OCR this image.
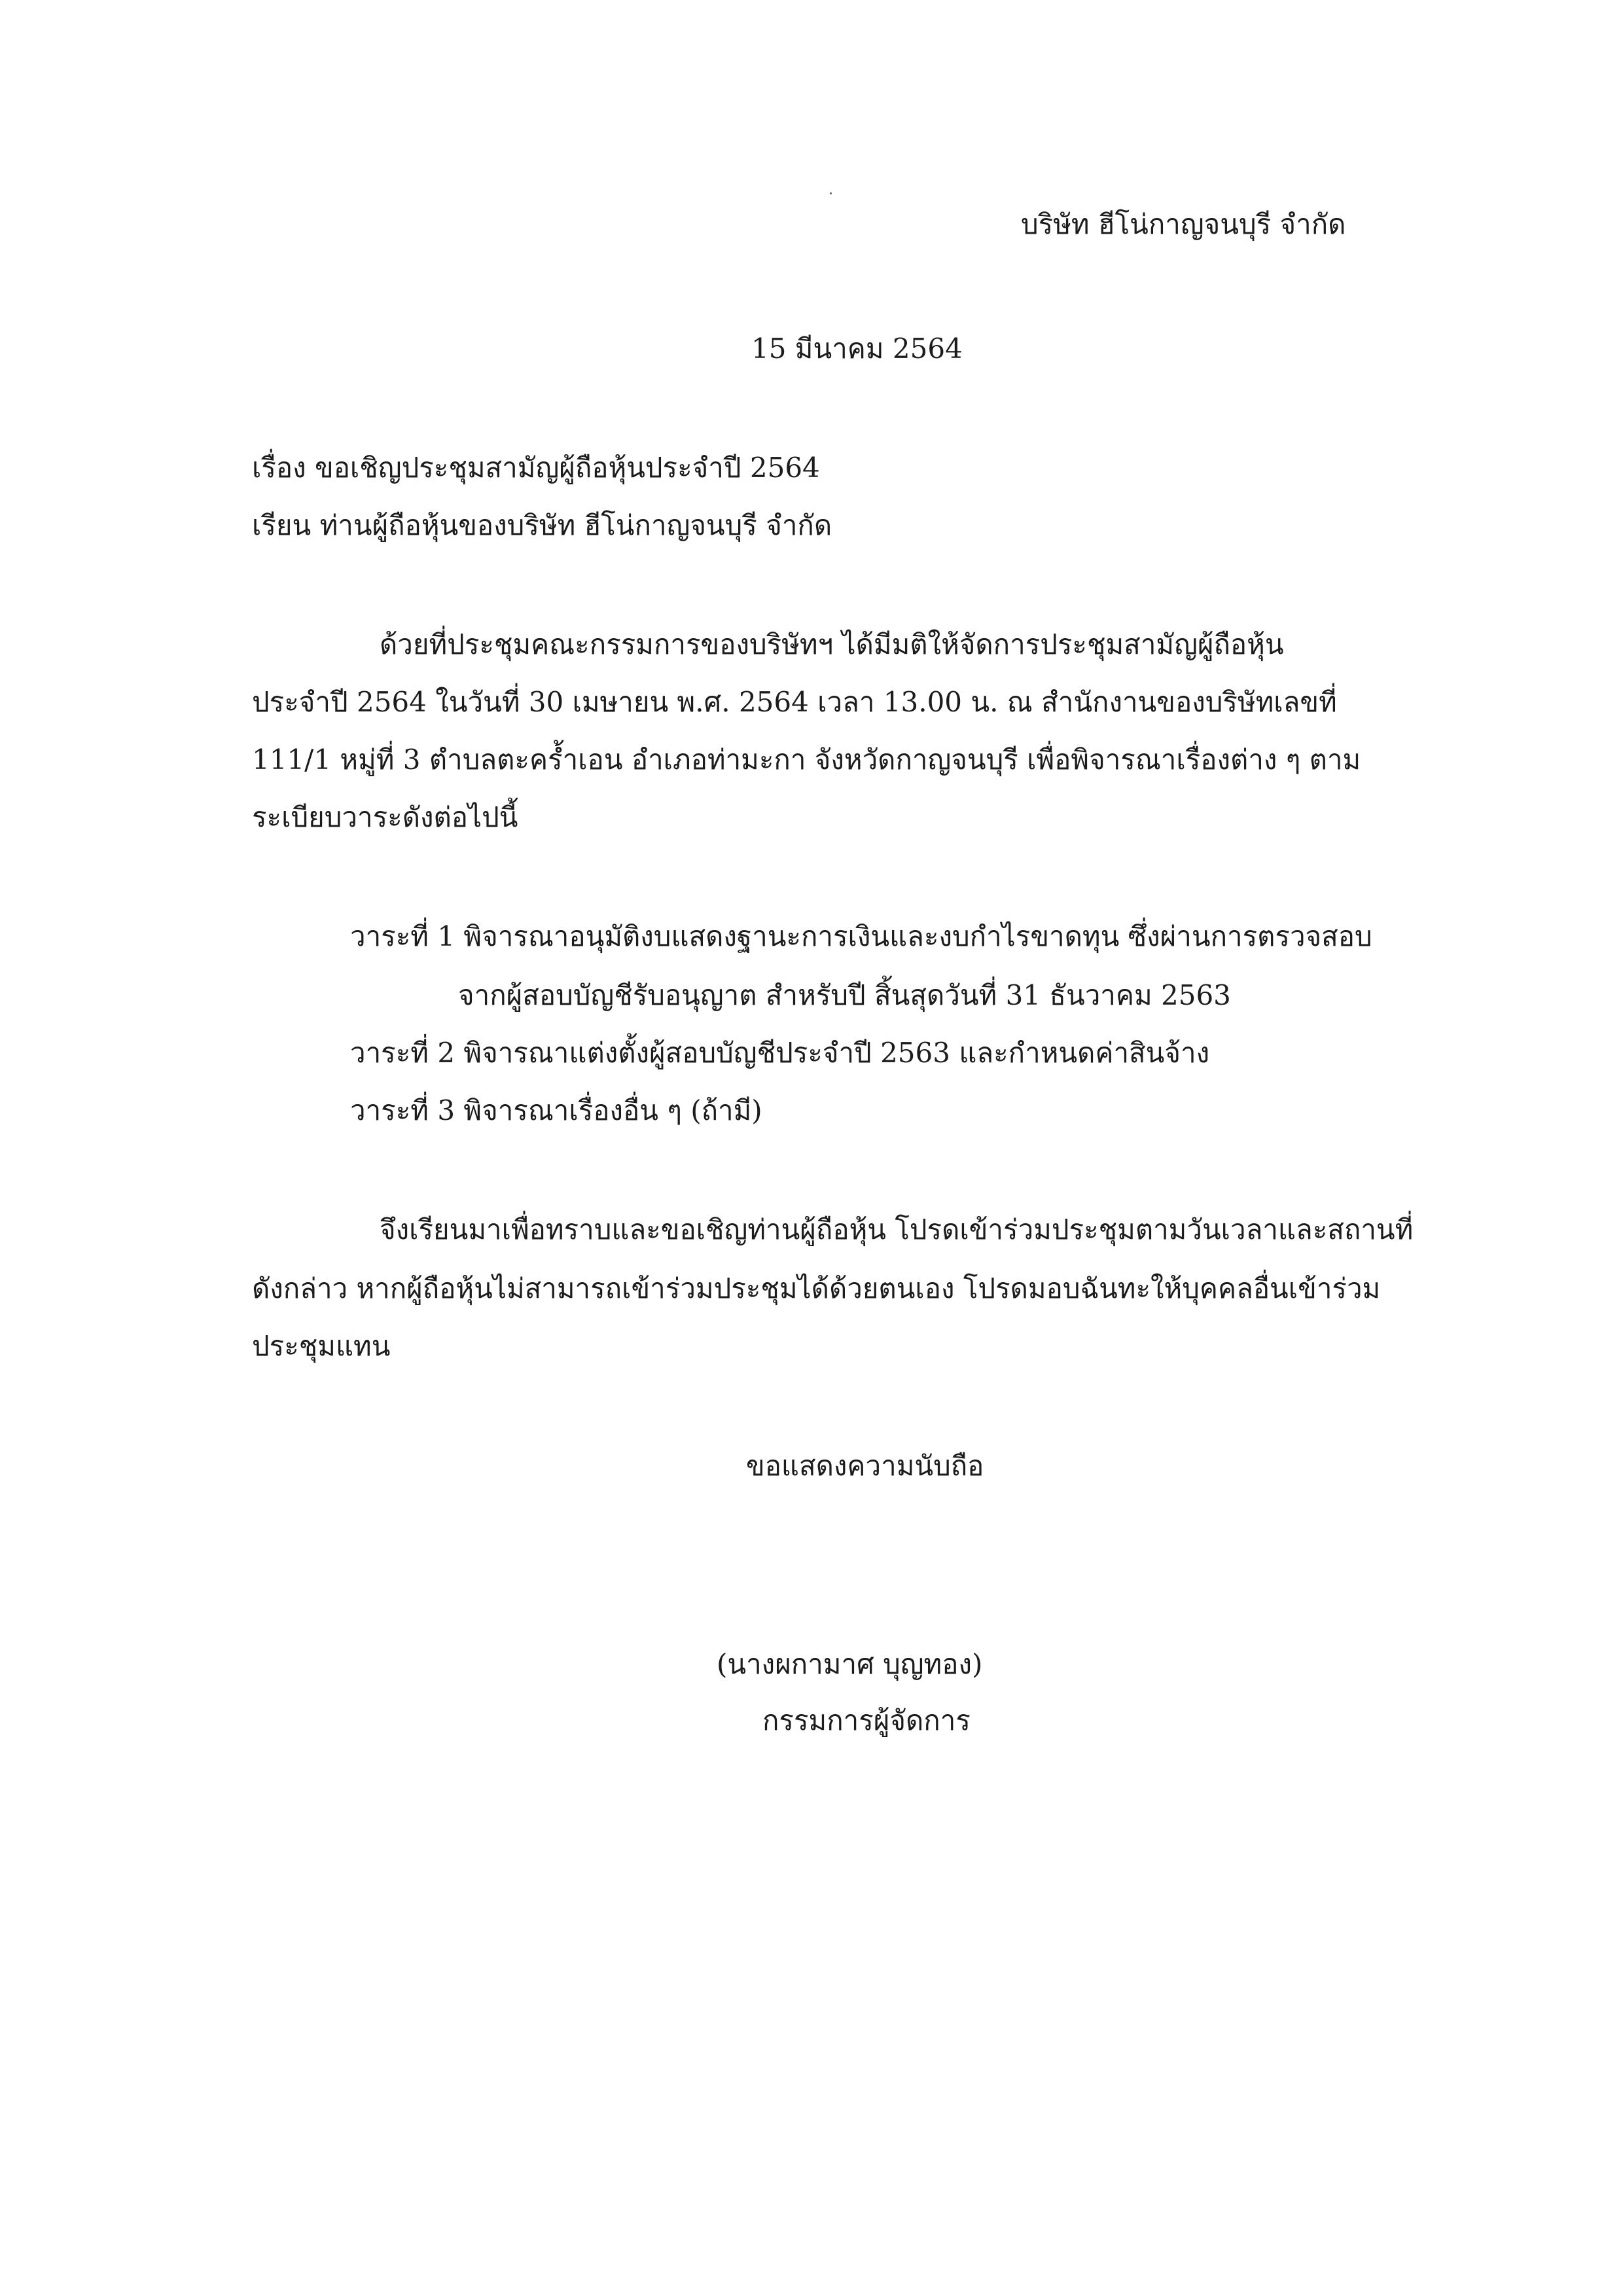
บริษัท ฮีโน่กาญจนบุรี จำกัด

15 มีนาคม 2564

เรื่อง ขอเชิญประชุมสามัญผู้ถือหุ้นประจำปี 2564

เรียน ท่านผู้ถือหุ้นของบริษัท ฮีโน่กาญจนบุรี จำกัด

ด้วยที่ประชุมคณะกรรมการของบริษัทฯ ได้มีมติให้จัดการประชุมสามัญผู้ถือหุ้น

ประจำปี 2564 ในวันที่ 30 เมษายน พ.ศ. 2564 เวลา 13.00 น. ณ สำนักงานของบริษัทเลขที่

111/1 หมู่ที่ 3 ตำบลตะคร้ำเอน อำเภอท่ามะกา จังหวัดกาญจนบุรี เพื่อพิจารณาเรื่องต่าง ๆ ตาม

ระเบียบวาระดังต่อไปนี้

วาระที่ 1 พิจารณาอนุมัติงบแสดงฐานะการเงินและงบกำไรขาดทุน ซึ่งผ่านการตรวจสอบ

จากผู้สอบบัญชีรับอนุญาต สำหรับปี สิ้นสุดวันที่ 31 ธันวาคม 2563

วาระที่ 2 พิจารณาแต่งตั้งผู้สอบบัญชีประจำปี 2563 และกำหนดค่าสินจ้าง

วาระที่ 3 พิจารณาเรื่องอื่น ๆ (ถ้ามี)

จึงเรียนมาเพื่อทราบและขอเชิญท่านผู้ถือหุ้น โปรดเข้าร่วมประชุมตามวันเวลาและสถานที่

ดังกล่าว หากผู้ถือหุ้นไม่สามารถเข้าร่วมประชุมได้ด้วยตนเอง โปรดมอบฉันทะให้บุคคลอื่นเข้าร่วม

ประชุมแทน

ขอแสดงความนับถือ

(นางผกามาศ บุญทอง)

กรรมการผู้จัดการ
